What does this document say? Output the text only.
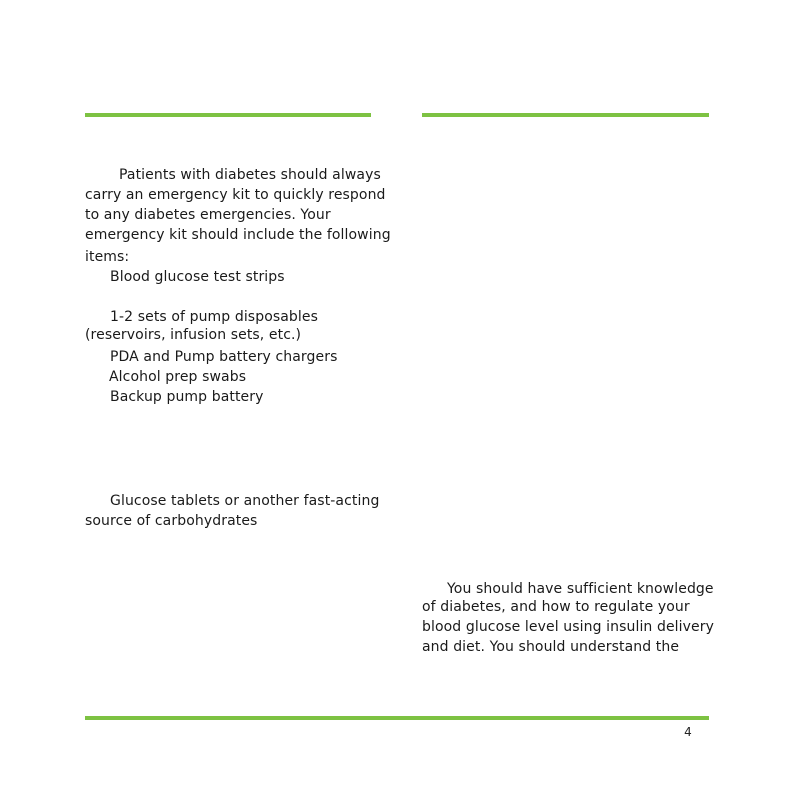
Patients with diabetes should always
carry an emergency kit to quickly respond
to any diabetes emergencies. Your
emergency kit should include the following
items:
Blood glucose test strips
1-2 sets of pump disposables
(reservoirs, infusion sets, etc.)
PDA and Pump battery chargers
Alcohol prep swabs
Backup pump battery
Glucose tablets or another fast-acting
source of carbohydrates
You should have sufficient knowledge
of diabetes, and how to regulate your
blood glucose level using insulin delivery
and diet. You should understand the
4
